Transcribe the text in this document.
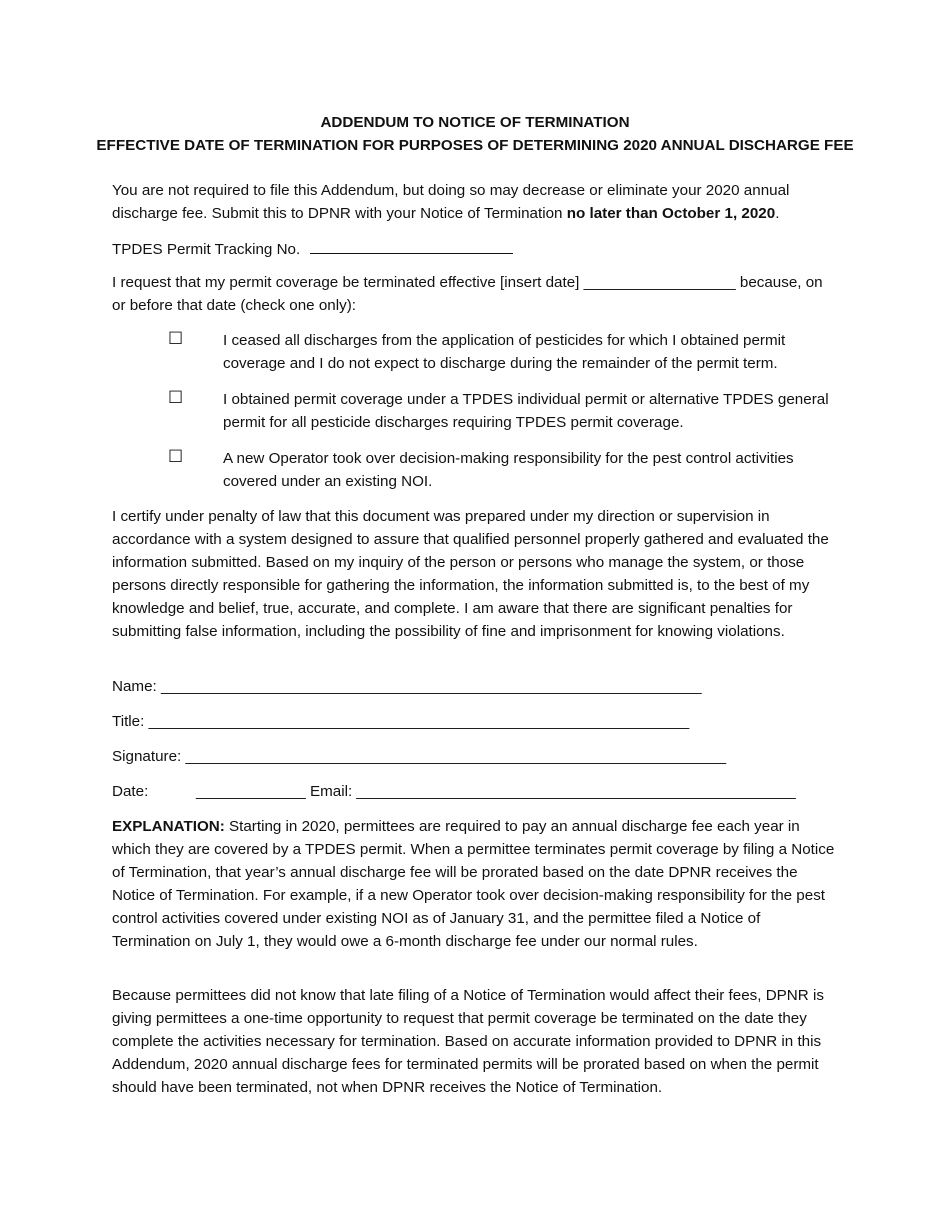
ADDENDUM TO NOTICE OF TERMINATION
EFFECTIVE DATE OF TERMINATION FOR PURPOSES OF DETERMINING 2020 ANNUAL DISCHARGE FEE
You are not required to file this Addendum, but doing so may decrease or eliminate your 2020 annual discharge fee. Submit this to DPNR with your Notice of Termination no later than October 1, 2020.
TPDES Permit Tracking No.
I request that my permit coverage be terminated effective [insert date] __________________ because, on or before that date (check one only):
☐	I ceased all discharges from the application of pesticides for which I obtained permit coverage and I do not expect to discharge during the remainder of the permit term.
☐	I obtained permit coverage under a TPDES individual permit or alternative TPDES general permit for all pesticide discharges requiring TPDES permit coverage.
☐	A new Operator took over decision-making responsibility for the pest control activities covered under an existing NOI.
I certify under penalty of law that this document was prepared under my direction or supervision in accordance with a system designed to assure that qualified personnel properly gathered and evaluated the information submitted. Based on my inquiry of the person or persons who manage the system, or those persons directly responsible for gathering the information, the information submitted is, to the best of my knowledge and belief, true, accurate, and complete. I am aware that there are significant penalties for submitting false information, including the possibility of fine and imprisonment for knowing violations.
Name: ________________________________________________________________
Title: ________________________________________________________________
Signature: ________________________________________________________________
Date:	_____________ Email: ____________________________________________________
EXPLANATION: Starting in 2020, permittees are required to pay an annual discharge fee each year in which they are covered by a TPDES permit. When a permittee terminates permit coverage by filing a Notice of Termination, that year’s annual discharge fee will be prorated based on the date DPNR receives the Notice of Termination. For example, if a new Operator took over decision-making responsibility for the pest control activities covered under existing NOI as of January 31, and the permittee filed a Notice of Termination on July 1, they would owe a 6-month discharge fee under our normal rules.
Because permittees did not know that late filing of a Notice of Termination would affect their fees, DPNR is giving permittees a one-time opportunity to request that permit coverage be terminated on the date they complete the activities necessary for termination. Based on accurate information provided to DPNR in this Addendum, 2020 annual discharge fees for terminated permits will be prorated based on when the permit should have been terminated, not when DPNR receives the Notice of Termination.
